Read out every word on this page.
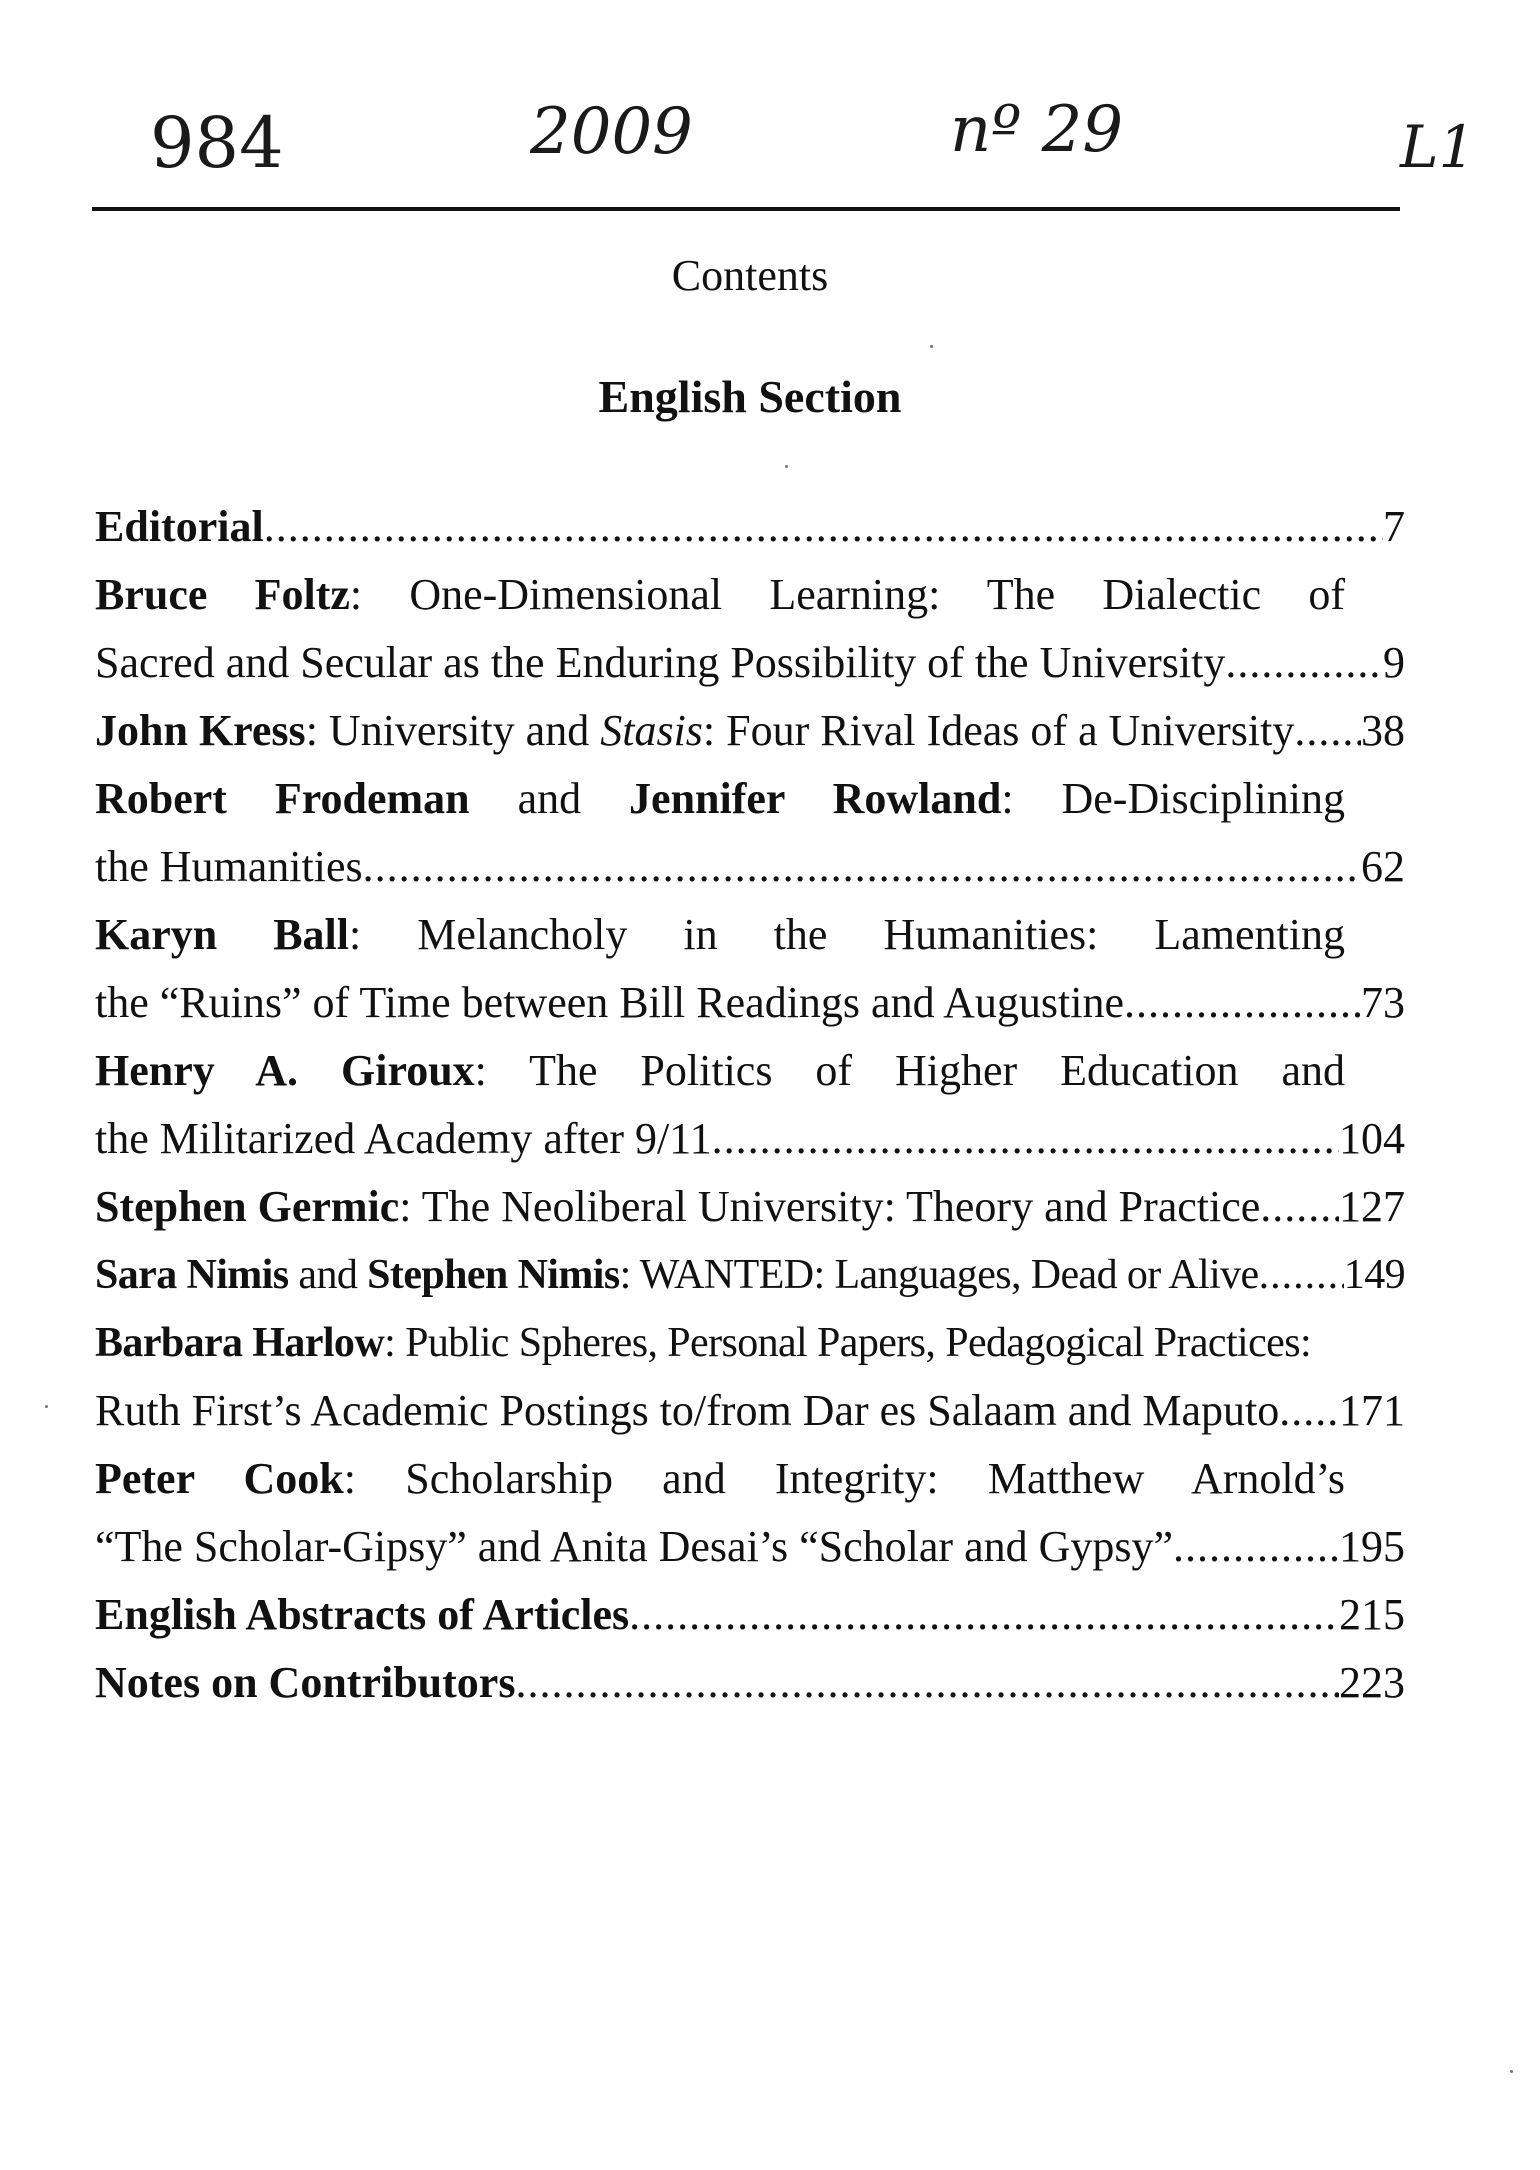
984	2009	nº 29	L1
Contents
English Section
Editorial .....	7
Bruce Foltz: One-Dimensional Learning: The Dialectic of
Sacred and Secular as the Enduring Possibility of the University .....	9
John Kress: University and Stasis: Four Rival Ideas of a University ..... 38
Robert Frodeman and Jennifer Rowland: De-Disciplining
the Humanities .....	62
Karyn Ball: Melancholy in the Humanities: Lamenting
the “Ruins” of Time between Bill Readings and Augustine .....	73
Henry A. Giroux: The Politics of Higher Education and
the Militarized Academy after 9/11 .....	104
Stephen Germic: The Neoliberal University: Theory and Practice ..... 127
Sara Nimis and Stephen Nimis: WANTED: Languages, Dead or Alive ..... 149
Barbara Harlow: Public Spheres, Personal Papers, Pedagogical Practices:
Ruth First’s Academic Postings to/from Dar es Salaam and Maputo ..... 171
Peter Cook: Scholarship and Integrity: Matthew Arnold’s
“The Scholar-Gipsy” and Anita Desai’s “Scholar and Gypsy” .....	195
English Abstracts of Articles .....	215
Notes on Contributors .....	223
